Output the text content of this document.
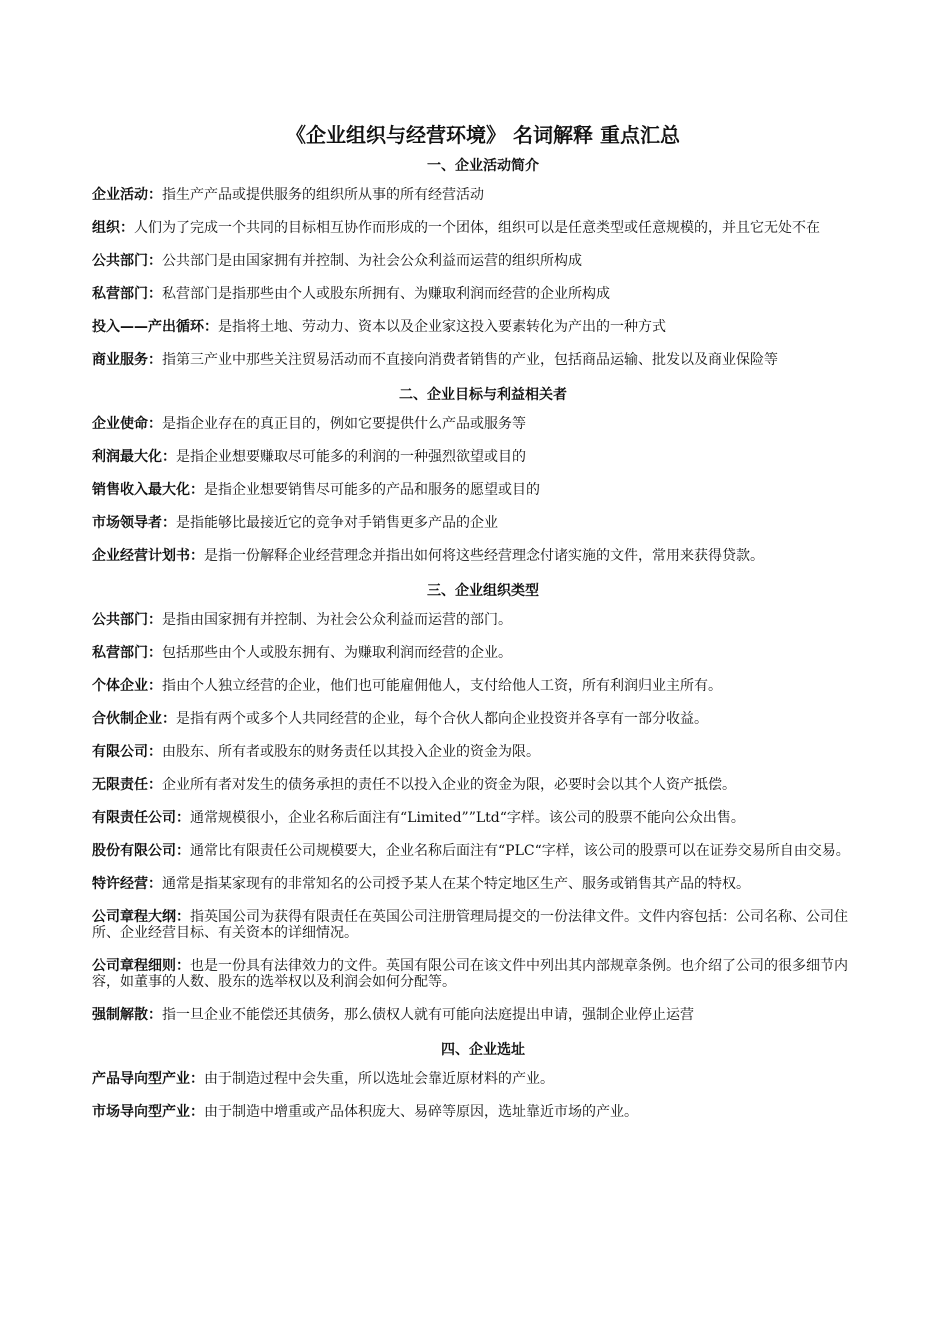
《企业组织与经营环境》 名词解释 重点汇总
一、企业活动简介
企业活动：指生产产品或提供服务的组织所从事的所有经营活动
组织：人们为了完成一个共同的目标相互协作而形成的一个团体，组织可以是任意类型或任意规模的，并且它无处不在
公共部门：公共部门是由国家拥有并控制、为社会公众利益而运营的组织所构成
私营部门：私营部门是指那些由个人或股东所拥有、为赚取利润而经营的企业所构成
投入——产出循环：是指将土地、劳动力、资本以及企业家这投入要素转化为产出的一种方式
商业服务：指第三产业中那些关注贸易活动而不直接向消费者销售的产业，包括商品运输、批发以及商业保险等
二、企业目标与利益相关者
企业使命：是指企业存在的真正目的，例如它要提供什么产品或服务等
利润最大化：是指企业想要赚取尽可能多的利润的一种强烈欲望或目的
销售收入最大化：是指企业想要销售尽可能多的产品和服务的愿望或目的
市场领导者：是指能够比最接近它的竞争对手销售更多产品的企业
企业经营计划书：是指一份解释企业经营理念并指出如何将这些经营理念付诸实施的文件，常用来获得贷款。
三、企业组织类型
公共部门：是指由国家拥有并控制、为社会公众利益而运营的部门。
私营部门：包括那些由个人或股东拥有、为赚取利润而经营的企业。
个体企业：指由个人独立经营的企业，他们也可能雇佣他人，支付给他人工资，所有利润归业主所有。
合伙制企业：是指有两个或多个人共同经营的企业，每个合伙人都向企业投资并各享有一部分收益。
有限公司：由股东、所有者或股东的财务责任以其投入企业的资金为限。
无限责任：企业所有者对发生的债务承担的责任不以投入企业的资金为限，必要时会以其个人资产抵偿。
有限责任公司：通常规模很小，企业名称后面注有“Limited””Ltd“字样。该公司的股票不能向公众出售。
股份有限公司：通常比有限责任公司规模要大，企业名称后面注有“PLC“字样，该公司的股票可以在证券交易所自由交易。
特许经营：通常是指某家现有的非常知名的公司授予某人在某个特定地区生产、服务或销售其产品的特权。
公司章程大纲：指英国公司为获得有限责任在英国公司注册管理局提交的一份法律文件。文件内容包括：公司名称、公司住所、企业经营目标、有关资本的详细情况。
公司章程细则：也是一份具有法律效力的文件。英国有限公司在该文件中列出其内部规章条例。也介绍了公司的很多细节内容，如董事的人数、股东的选举权以及利润会如何分配等。
强制解散：指一旦企业不能偿还其债务，那么债权人就有可能向法庭提出申请，强制企业停止运营
四、企业选址
产品导向型产业：由于制造过程中会失重，所以选址会靠近原材料的产业。
市场导向型产业：由于制造中增重或产品体积庞大、易碎等原因，选址靠近市场的产业。
